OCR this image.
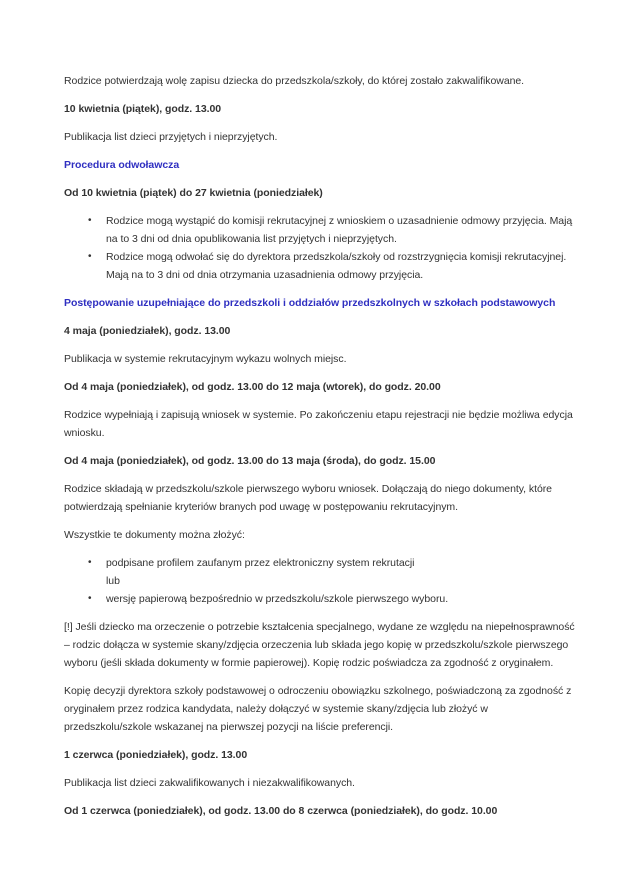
Rodzice potwierdzają wolę zapisu dziecka do przedszkola/szkoły, do której zostało zakwalifikowane.

10 kwietnia (piątek), godz. 13.00

Publikacja list dzieci przyjętych i nieprzyjętych.

Procedura odwoławcza

Od 10 kwietnia (piątek) do 27 kwietnia (poniedziałek)

• Rodzice mogą wystąpić do komisji rekrutacyjnej z wnioskiem o uzasadnienie odmowy przyjęcia. Mają na to 3 dni od dnia opublikowania list przyjętych i nieprzyjętych.
• Rodzice mogą odwołać się do dyrektora przedszkola/szkoły od rozstrzygnięcia komisji rekrutacyjnej. Mają na to 3 dni od dnia otrzymania uzasadnienia odmowy przyjęcia.
Postępowanie uzupełniające do przedszkoli i oddziałów przedszkolnych w szkołach podstawowych

4 maja (poniedziałek), godz. 13.00

Publikacja w systemie rekrutacyjnym wykazu wolnych miejsc.

Od 4 maja (poniedziałek), od godz. 13.00 do 12 maja (wtorek), do godz. 20.00

Rodzice wypełniają i zapisują wniosek w systemie. Po zakończeniu etapu rejestracji nie będzie możliwa edycja wniosku.

Od 4 maja (poniedziałek), od godz. 13.00 do 13 maja (środa), do godz. 15.00

Rodzice składają w przedszkolu/szkole pierwszego wyboru wniosek. Dołączają do niego dokumenty, które potwierdzają spełnianie kryteriów branych pod uwagę w postępowaniu rekrutacyjnym.

Wszystkie te dokumenty można złożyć:

• podpisane profilem zaufanym przez elektroniczny system rekrutacji
lub
• wersję papierową bezpośrednio w przedszkolu/szkole pierwszego wyboru.

[!] Jeśli dziecko ma orzeczenie o potrzebie kształcenia specjalnego, wydane ze względu na niepełnosprawność – rodzic dołącza w systemie skany/zdjęcia orzeczenia lub składa jego kopię w przedszkolu/szkole pierwszego wyboru (jeśli składa dokumenty w formie papierowej). Kopię rodzic poświadcza za zgodność z oryginałem.

Kopię decyzji dyrektora szkoły podstawowej o odroczeniu obowiązku szkolnego, poświadczoną za zgodność z oryginałem przez rodzica kandydata, należy dołączyć w systemie skany/zdjęcia lub złożyć w przedszkolu/szkole wskazanej na pierwszej pozycji na liście preferencji.

1 czerwca (poniedziałek), godz. 13.00

Publikacja list dzieci zakwalifikowanych i niezakwalifikowanych.

Od 1 czerwca (poniedziałek), od godz. 13.00 do 8 czerwca (poniedziałek), do godz. 10.00
